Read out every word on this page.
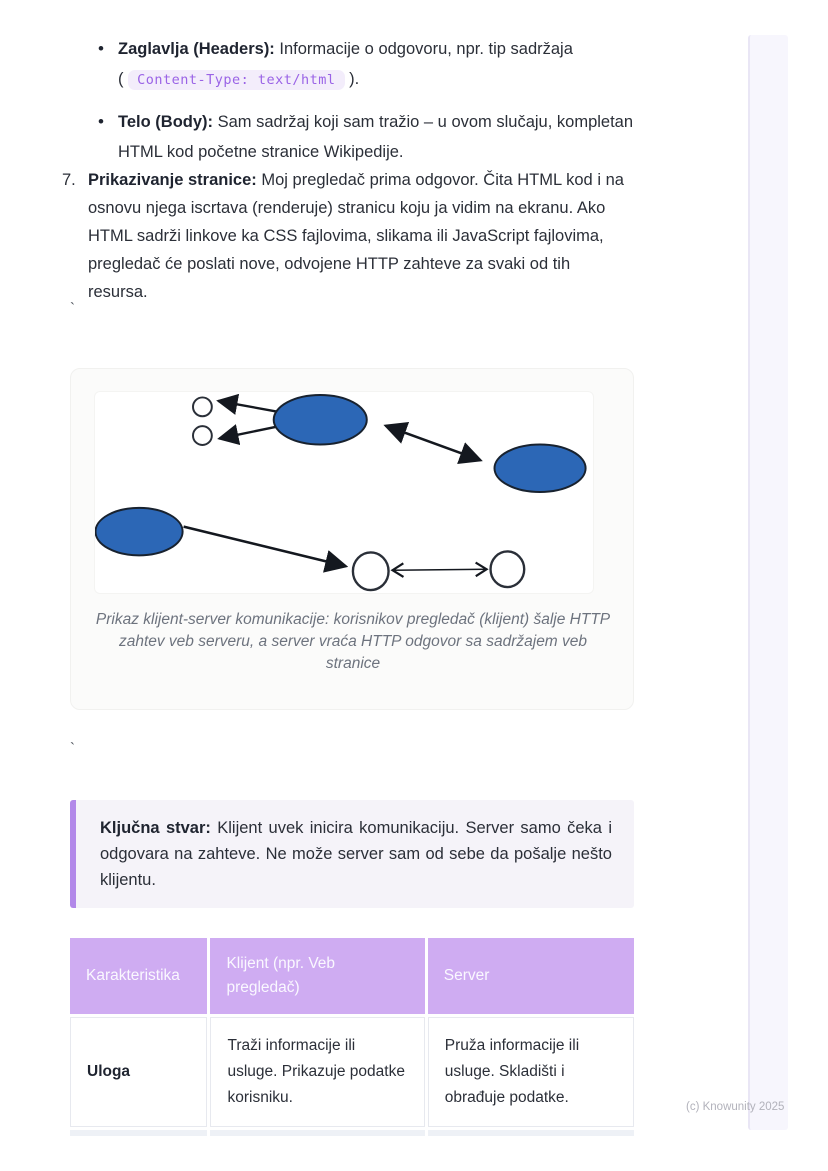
• Zaglavlja (Headers): Informacije o odgovoru, npr. tip sadržaja
( Content-Type: text/html ).

• Telo (Body): Sam sadržaj koji sam tražio – u ovom slučaju, kompletan HTML kod početne stranice Wikipedije.

7. Prikazivanje stranice: Moj pregledač prima odgovor. Čita HTML kod i na osnovu njega iscrtava (renderuje) stranicu koju ja vidim na ekranu. Ako HTML sadrži linkove ka CSS fajlovima, slikama ili JavaScript fajlovima, pregledač će poslati nove, odvojene HTTP zahteve za svaki od tih resursa.

`
`
Prikaz klijent-server komunikacije: korisnikov pregledač (klijent) šalje HTTP zahtev veb serveru, a server vraća HTTP odgovor sa sadržajem veb stranice

Ključna stvar: Klijent uvek inicira komunikaciju. Server samo čeka i odgovara na zahteve. Ne može server sam od sebe da pošalje nešto klijentu.

Karakteristika	Klijent (npr. Veb pregledač)	Server
Uloga	Traži informacije ili usluge. Prikazuje podatke korisniku.	Pruža informacije ili usluge. Skladišti i obrađuje podatke.

(c) Knowunity 2025
